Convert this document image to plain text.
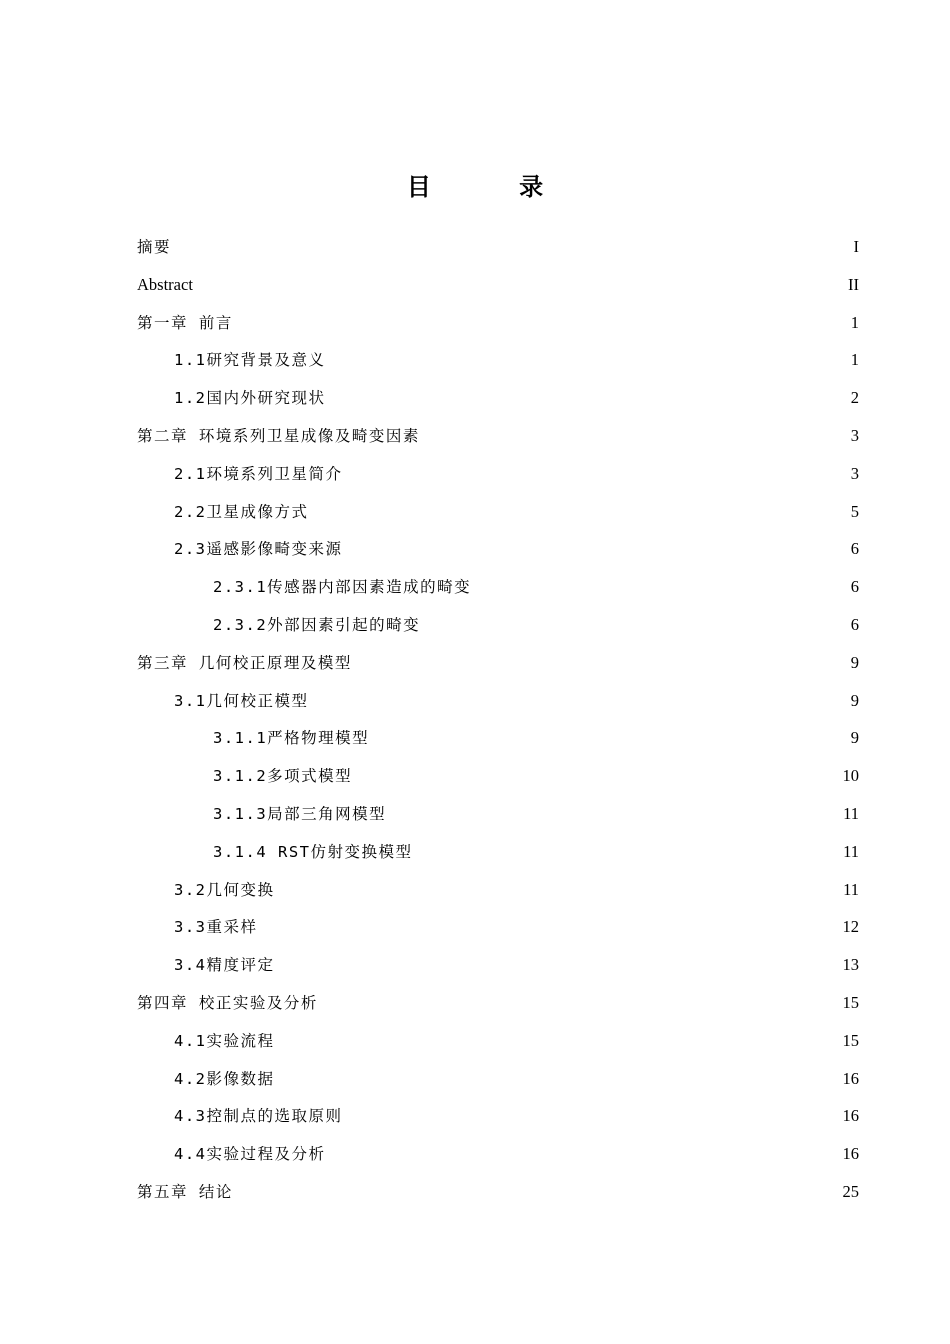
目 录
摘要	I
Abstract	II
第一章 前言	1
1.1研究背景及意义	1
1.2国内外研究现状	2
第二章 环境系列卫星成像及畸变因素	3
2.1环境系列卫星简介	3
2.2卫星成像方式	5
2.3遥感影像畸变来源	6
2.3.1传感器内部因素造成的畸变	6
2.3.2外部因素引起的畸变	6
第三章 几何校正原理及模型	9
3.1几何校正模型	9
3.1.1严格物理模型	9
3.1.2多项式模型	10
3.1.3局部三角网模型	11
3.1.4 RST仿射变换模型	11
3.2几何变换	11
3.3重采样	12
3.4精度评定	13
第四章 校正实验及分析	15
4.1实验流程	15
4.2影像数据	16
4.3控制点的选取原则	16
4.4实验过程及分析	16
第五章 结论	25
